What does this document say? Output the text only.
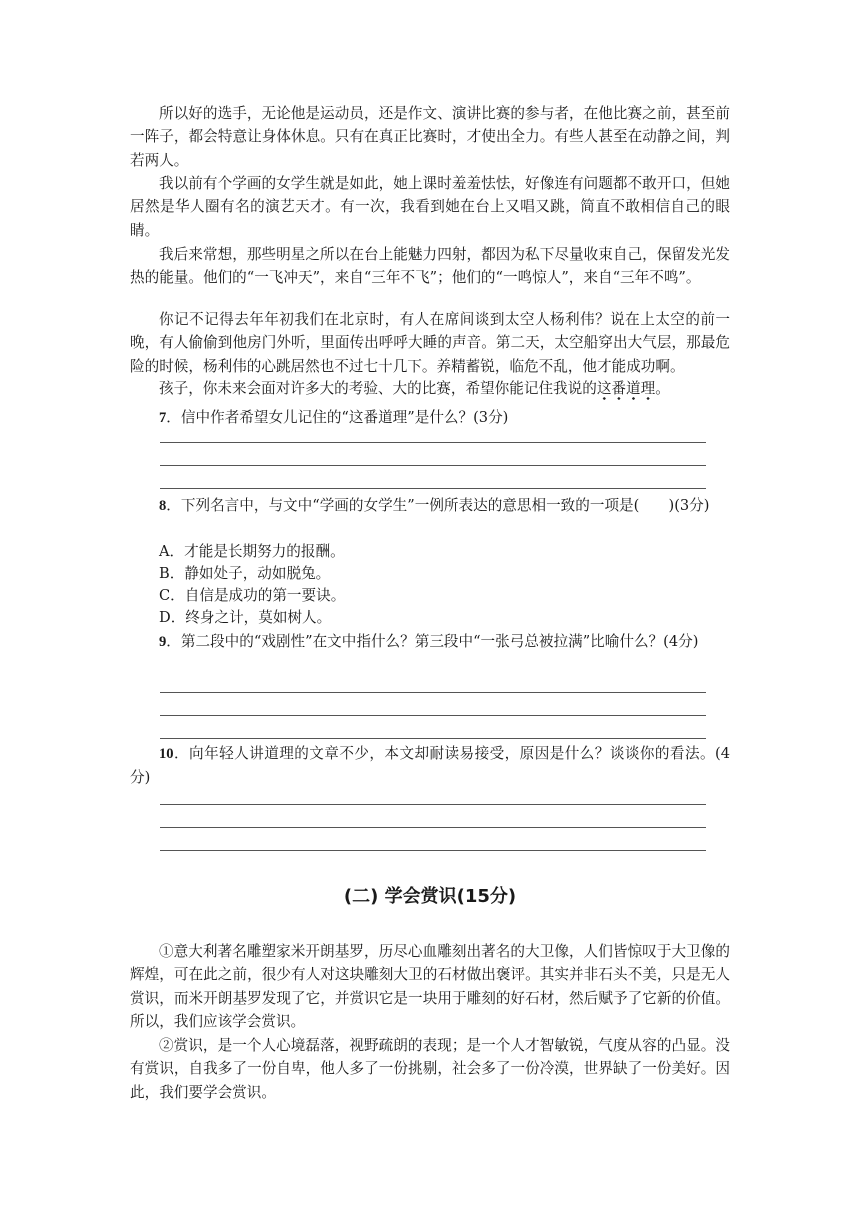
所以好的选手，无论他是运动员，还是作文、演讲比赛的参与者，在他比赛之前，甚至前一阵子，都会特意让身体休息。只有在真正比赛时，才使出全力。有些人甚至在动静之间，判若两人。

我以前有个学画的女学生就是如此，她上课时羞羞怯怯，好像连有问题都不敢开口，但她居然是华人圈有名的演艺天才。有一次，我看到她在台上又唱又跳，简直不敢相信自己的眼睛。

我后来常想，那些明星之所以在台上能魅力四射，都因为私下尽量收束自己，保留发光发热的能量。他们的“一飞冲天”，来自“三年不飞”；他们的“一鸣惊人”，来自“三年不鸣”。

你记不记得去年年初我们在北京时，有人在席间谈到太空人杨利伟？说在上太空的前一晚，有人偷偷到他房门外听，里面传出呼呼大睡的声音。第二天，太空船穿出大气层，那最危险的时候，杨利伟的心跳居然也不过七十几下。养精蓄锐，临危不乱，他才能成功啊。

孩子，你未来会面对许多大的考验、大的比赛，希望你能记住我说的这番道理。

7．信中作者希望女儿记住的“这番道理”是什么？(3分)

8．下列名言中，与文中“学画的女学生”一例所表达的意思相一致的一项是(　　)(3分)

A．才能是长期努力的报酬。

B．静如处子，动如脱兔。

C．自信是成功的第一要诀。

D．终身之计，莫如树人。

9．第二段中的“戏剧性”在文中指什么？第三段中“一张弓总被拉满”比喻什么？(4分)

10．向年轻人讲道理的文章不少，本文却耐读易接受，原因是什么？谈谈你的看法。(4分)

(二) 学会赏识(15分)

①意大利著名雕塑家米开朗基罗，历尽心血雕刻出著名的大卫像，人们皆惊叹于大卫像的辉煌，可在此之前，很少有人对这块雕刻大卫的石材做出褒评。其实并非石头不美，只是无人赏识，而米开朗基罗发现了它，并赏识它是一块用于雕刻的好石材，然后赋予了它新的价值。所以，我们应该学会赏识。

②赏识，是一个人心境磊落，视野疏朗的表现；是一个人才智敏锐，气度从容的凸显。没有赏识，自我多了一份自卑，他人多了一份挑剔，社会多了一份冷漠，世界缺了一份美好。因此，我们要学会赏识。
